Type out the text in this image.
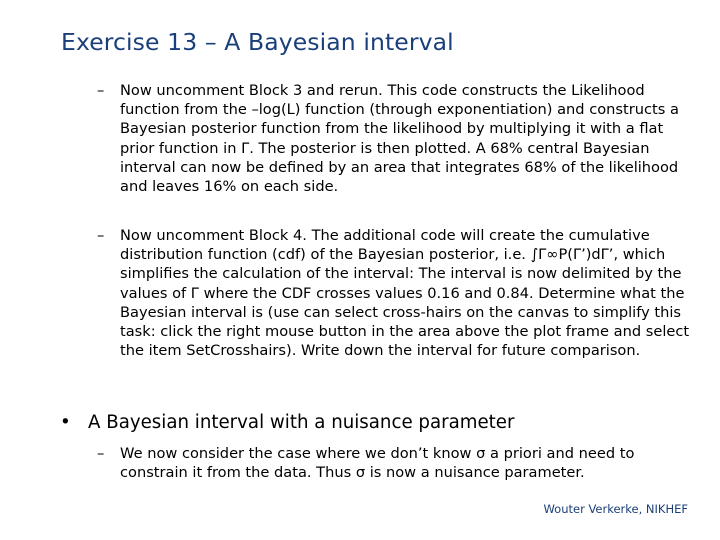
Exercise 13 – A Bayesian interval
– Now uncomment Block 3 and rerun. This code constructs the Likelihood function from the –log(L) function (through exponentiation) and constructs a Bayesian posterior function from the likelihood by multiplying it with a flat prior function in Γ. The posterior is then plotted. A 68% central Bayesian interval can now be defined by an area that integrates 68% of the likelihood and leaves 16% on each side.
– Now uncomment Block 4. The additional code will create the cumulative distribution function (cdf) of the Bayesian posterior, i.e. ∫Γ∞P(Γ’)dΓ’, which simplifies the calculation of the interval: The interval is now delimited by the values of Γ where the CDF crosses values 0.16 and 0.84. Determine what the Bayesian interval is (use can select cross-hairs on the canvas to simplify this task: click the right mouse button in the area above the plot frame and select the item SetCrosshairs). Write down the interval for future comparison.
• A Bayesian interval with a nuisance parameter
– We now consider the case where we don’t know σ a priori and need to constrain it from the data. Thus σ is now a nuisance parameter.
Wouter Verkerke, NIKHEF
